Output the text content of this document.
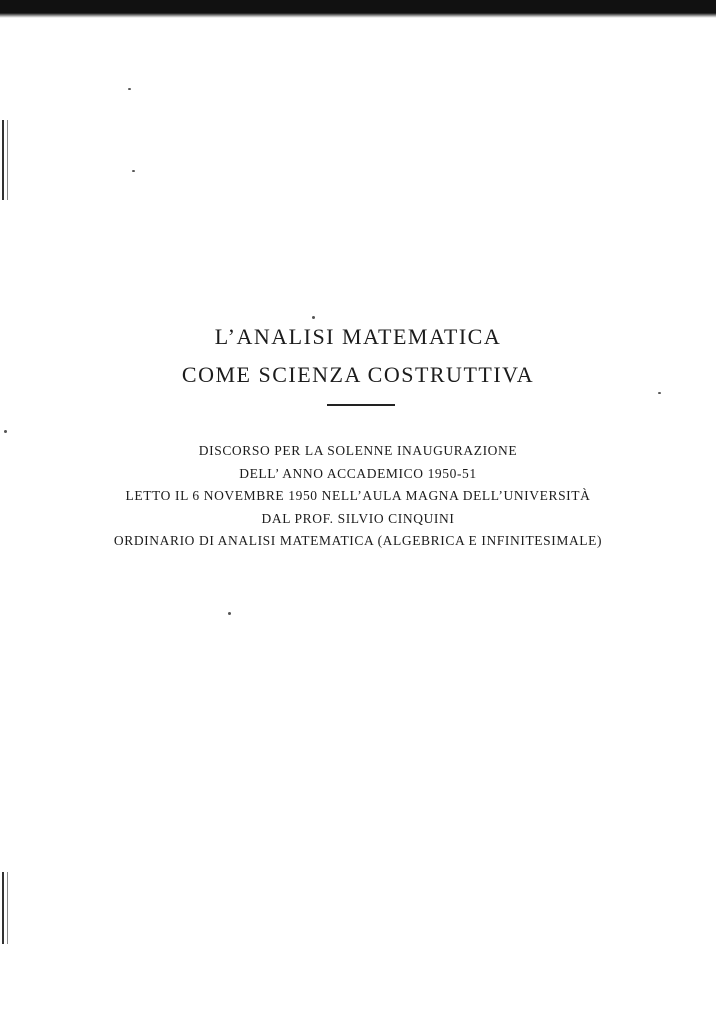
L’ANALISI MATEMATICA
COME SCIENZA COSTRUTTIVA
DISCORSO PER LA SOLENNE INAUGURAZIONE
DELL’ ANNO ACCADEMICO 1950-51
LETTO IL 6 NOVEMBRE 1950 NELL’AULA MAGNA DELL’UNIVERSITÀ
DAL PROF. SILVIO CINQUINI
ORDINARIO DI ANALISI MATEMATICA (ALGEBRICA E INFINITESIMALE)
